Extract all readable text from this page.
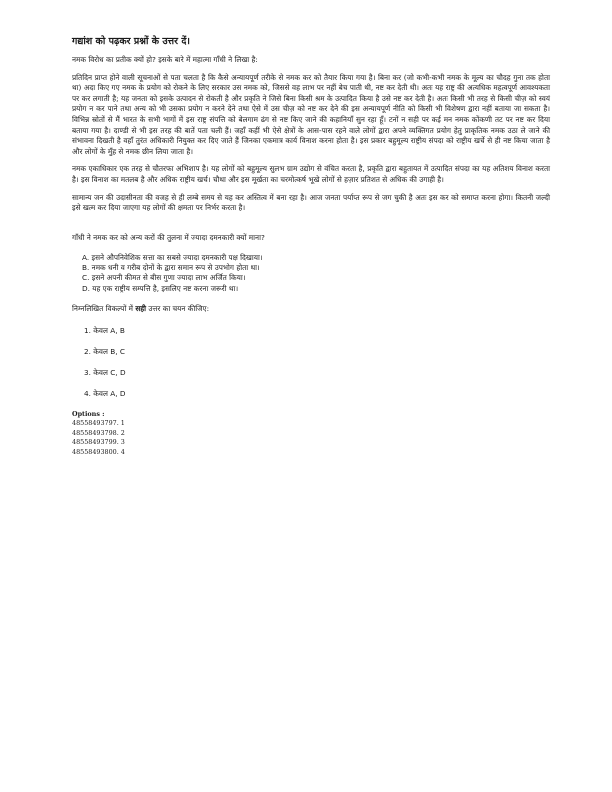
गद्यांश को पढ़कर प्रश्नों के उत्तर दें।
नमक विरोध का प्रतीक क्यों हो? इसके बारे में महात्मा गाँधी ने लिखा है:
प्रतिदिन प्राप्त होने वाली सूचनाओं से पता चलता है कि कैसे अन्यायपूर्ण तरीके से नमक कर को तैयार किया गया है। बिना कर (जो कभी-कभी नमक के मूल्य का चौदह गुना तक होता था) अदा किए गए नमक के प्रयोग को रोकने के लिए सरकार उस नमक को, जिससे वह लाभ पर नहीं बेच पाती थी, नष्ट कर देती थी। अतः यह राष्ट्र की अत्यधिक महत्वपूर्ण आवश्यकता पर कर लगाती है; यह जनता को इसके उत्पादन से रोकती है और प्रकृति ने जिसे बिना किसी श्रम के उत्पादित किया है उसे नष्ट कर देती है। अतः किसी भी तरह से किसी चीज़ को स्वयं प्रयोग न कर पाने तथा अन्य को भी उसका प्रयोग न करने देने तथा ऐसे में उस चीज़ को नष्ट कर देने की इस अन्यायपूर्ण नीति को किसी भी विशेषण द्वारा नहीं बताया जा सकता है। विभिन्न स्रोतों से मैं भारत के सभी भागों में इस राष्ट्र संपत्ति को बेलगाम ढंग से नष्ट किए जाने की कहानियाँ सुन रहा हूँ। टनों न सही पर कई मन नमक कोंकणी तट पर नष्ट कर दिया बताया गया है। दाण्डी से भी इस तरह की बातें पता चली हैं। जहाँ कहीं भी ऐसे क्षेत्रों के आस-पास रहने वाले लोगों द्वारा अपने व्यक्तिगत प्रयोग हेतु प्राकृतिक नमक उठा ले जाने की संभावना दिखती है वहाँ तुरंत अधिकारी नियुक्त कर दिए जाते हैं जिनका एकमात्र कार्य विनाश करना होता है। इस प्रकार बहुमूल्य राष्ट्रीय संपदा को राष्ट्रीय खर्चे से ही नष्ट किया जाता है और लोगों के मुँह से नमक छीन लिया जाता है।
नमक एकाधिकार एक तरह से चौतरफा अभिशाप है। यह लोगों को बहुमूल्य सुलभ ग्राम उद्योग से वंचित करता है, प्रकृति द्वारा बहुतायत में उत्पादित संपदा का यह अतिशय विनाश करता है। इस विनाश का मतलब है और अधिक राष्ट्रीय खर्च। चौथा और इस मूर्खता का चरमोत्कर्ष भूखे लोगों से हज़ार प्रतिशत से अधिक की उगाही है।
सामान्य जन की उदासीनता की वजह से ही लम्बे समय से यह कर अस्तित्व में बना रहा है। आज जनता पर्याप्त रूप से जग चुकी है अतः इस कर को समाप्त करना होगा। कितनी जल्दी इसे खत्म कर दिया जाएगा यह लोगों की क्षमता पर निर्भर करता है।
गाँधी ने नमक कर को अन्य करों की तुलना में ज्यादा दमनकारी क्यों माना?
A. इसने औपनिवेशिक सत्ता का सबसे ज्यादा दमनकारी पक्ष दिखाया।
B. नमक धनी व गरीब दोनों के द्वारा समान रूप से उपभोग होता था।
C. इसने अपनी कीमत से बीस गुणा ज्यादा लाभ अर्जित किया।
D. यह एक राष्ट्रीय सम्पत्ति है, इसलिए नष्ट करना जरूरी था।
निम्नलिखित विकल्पों में सही उत्तर का चयन कीजिए:
1. केवल A, B
2. केवल B, C
3. केवल C, D
4. केवल A, D
Options :
48558493797. 1
48558493798. 2
48558493799. 3
48558493800. 4
